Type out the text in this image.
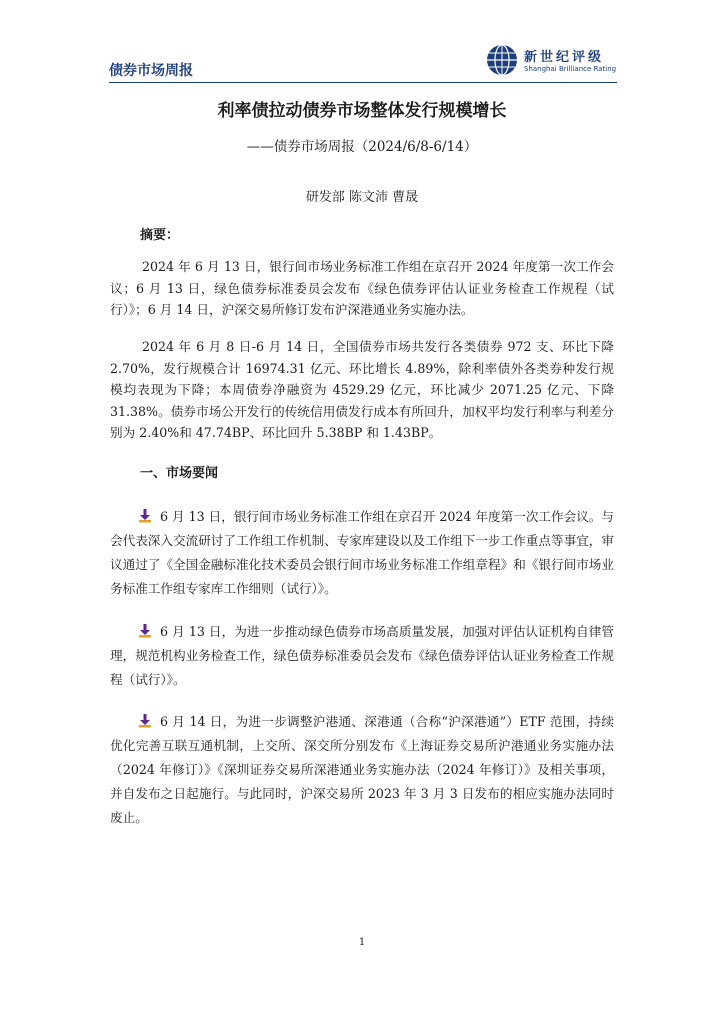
债券市场周报
新世纪评级
Shanghai Brilliance Rating
利率债拉动债券市场整体发行规模增长
——债券市场周报（2024/6/8-6/14）
研发部 陈文沛 曹晟
摘要：

2024 年 6 月 13 日，银行间市场业务标准工作组在京召开 2024 年度第一次工作会议；6 月 13 日，绿色债券标准委员会发布《绿色债券评估认证业务检查工作规程（试行）》；6 月 14 日，沪深交易所修订发布沪深港通业务实施办法。

2024 年 6 月 8 日-6 月 14 日，全国债券市场共发行各类债券 972 支、环比下降 2.70%，发行规模合计 16974.31 亿元、环比增长 4.89%，除利率债外各类券种发行规模均表现为下降；本周债券净融资为 4529.29 亿元，环比减少 2071.25 亿元、下降 31.38%。债券市场公开发行的传统信用债发行成本有所回升，加权平均发行利率与利差分别为 2.40%和 47.74BP、环比回升 5.38BP 和 1.43BP。

一、市场要闻

6 月 13 日，银行间市场业务标准工作组在京召开 2024 年度第一次工作会议。与会代表深入交流研讨了工作组工作机制、专家库建设以及工作组下一步工作重点等事宜，审议通过了《全国金融标准化技术委员会银行间市场业务标准工作组章程》和《银行间市场业务标准工作组专家库工作细则（试行）》。

6 月 13 日，为进一步推动绿色债券市场高质量发展，加强对评估认证机构自律管理，规范机构业务检查工作，绿色债券标准委员会发布《绿色债券评估认证业务检查工作规程（试行）》。

6 月 14 日，为进一步调整沪港通、深港通（合称“沪深港通”）ETF 范围，持续优化完善互联互通机制，上交所、深交所分别发布《上海证券交易所沪港通业务实施办法（2024 年修订）》《深圳证券交易所深港通业务实施办法（2024 年修订）》及相关事项，并自发布之日起施行。与此同时，沪深交易所 2023 年 3 月 3 日发布的相应实施办法同时废止。

1
